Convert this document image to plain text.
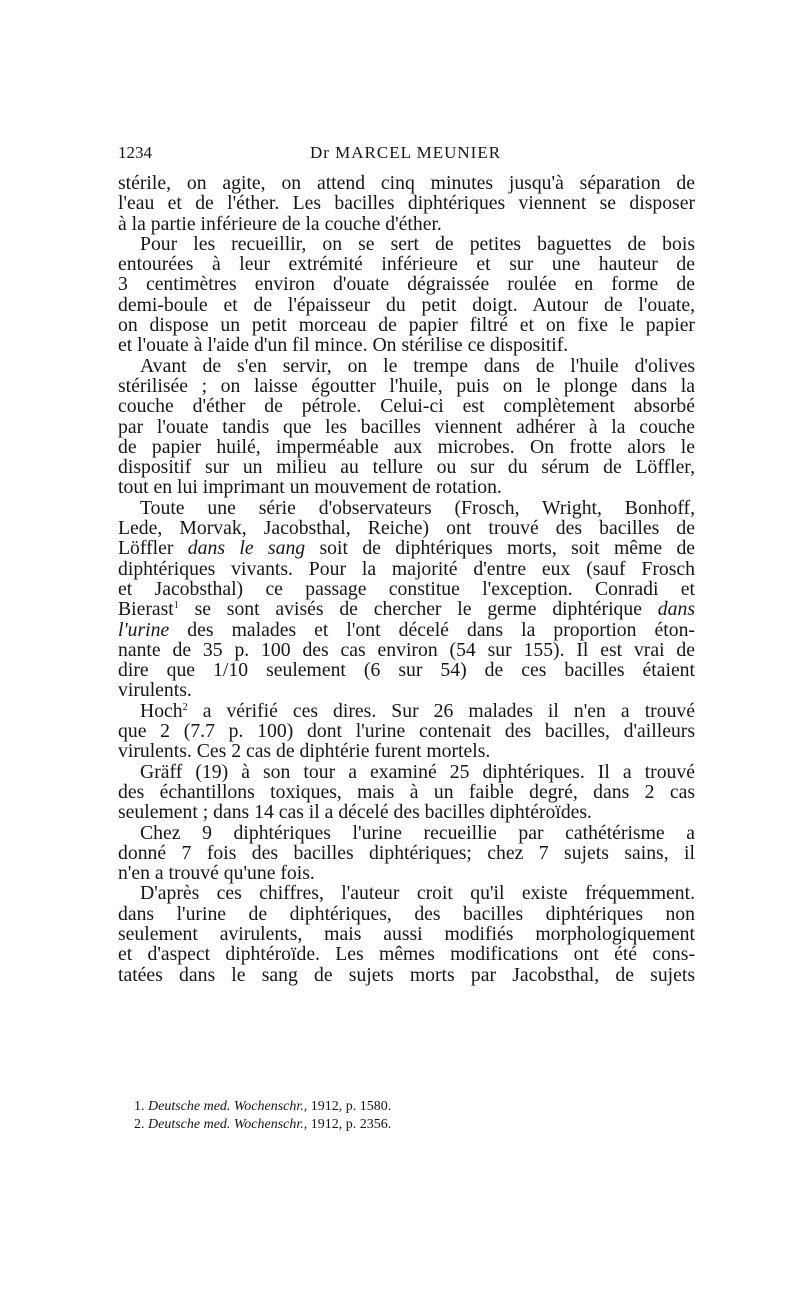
1234	Dr MARCEL MEUNIER
stérile, on agite, on attend cinq minutes jusqu'à séparation de
l'eau et de l'éther. Les bacilles diphtériques viennent se disposer
à la partie inférieure de la couche d'éther.
Pour les recueillir, on se sert de petites baguettes de bois
entourées à leur extrémité inférieure et sur une hauteur de
3 centimètres environ d'ouate dégraissée roulée en forme de
demi-boule et de l'épaisseur du petit doigt. Autour de l'ouate,
on dispose un petit morceau de papier filtré et on fixe le papier
et l'ouate à l'aide d'un fil mince. On stérilise ce dispositif.
Avant de s'en servir, on le trempe dans de l'huile d'olives
stérilisée ; on laisse égoutter l'huile, puis on le plonge dans la
couche d'éther de pétrole. Celui-ci est complètement absorbé
par l'ouate tandis que les bacilles viennent adhérer à la couche
de papier huilé, imperméable aux microbes. On frotte alors le
dispositif sur un milieu au tellure ou sur du sérum de Löffler,
tout en lui imprimant un mouvement de rotation.
Toute une série d'observateurs (Frosch, Wright, Bonhoff,
Lede, Morvak, Jacobsthal, Reiche) ont trouvé des bacilles de
Löffler dans le sang soit de diphtériques morts, soit même de
diphtériques vivants. Pour la majorité d'entre eux (sauf Frosch
et Jacobsthal) ce passage constitue l'exception. Conradi et
Bierast$^1$ se sont avisés de chercher le germe diphtérique dans
l'urine des malades et l'ont décelé dans la proportion éton-
nante de 35 p. 100 des cas environ (54 sur 155). Il est vrai de
dire que 1/10 seulement (6 sur 54) de ces bacilles étaient
virulents.
Hoch$^2$ a vérifié ces dires. Sur 26 malades il n'en a trouvé
que 2 (7.7 p. 100) dont l'urine contenait des bacilles, d'ailleurs
virulents. Ces 2 cas de diphtérie furent mortels.
Gräff (19) à son tour a examiné 25 diphtériques. Il a trouvé
des échantillons toxiques, mais à un faible degré, dans 2 cas
seulement ; dans 14 cas il a décelé des bacilles diphtéroïdes.
Chez 9 diphtériques l'urine recueillie par cathétérisme a
donné 7 fois des bacilles diphtériques; chez 7 sujets sains, il
n'en a trouvé qu'une fois.
D'après ces chiffres, l'auteur croit qu'il existe fréquemment.
dans l'urine de diphtériques, des bacilles diphtériques non
seulement avirulents, mais aussi modifiés morphologiquement
et d'aspect diphtéroïde. Les mêmes modifications ont été cons-
tatées dans le sang de sujets morts par Jacobsthal, de sujets
1. Deutsche med. Wochenschr., 1912, p. 1580.
2. Deutsche med. Wochenschr., 1912, p. 2356.
